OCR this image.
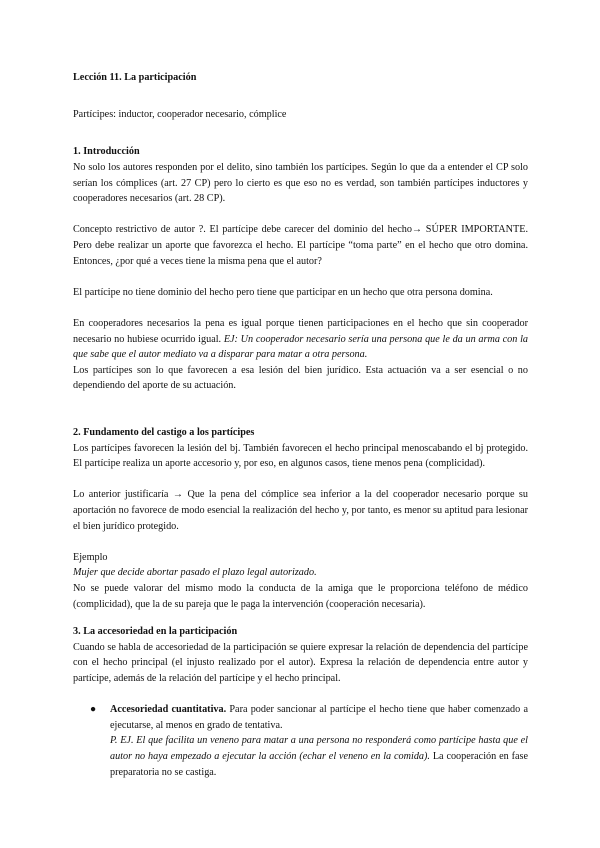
Lección 11. La participación

Partícipes: inductor, cooperador necesario, cómplice

1. Introducción

No solo los autores responden por el delito, sino también los partícipes. Según lo que da a entender el CP solo serían los cómplices (art. 27 CP) pero lo cierto es que eso no es verdad, son también partícipes inductores y cooperadores necesarios (art. 28 CP).

Concepto restrictivo de autor ?. El partícipe debe carecer del dominio del hecho→ SÚPER IMPORTANTE. Pero debe realizar un aporte que favorezca el hecho. El partícipe “toma parte” en el hecho que otro domina. Entonces, ¿por qué a veces tiene la misma pena que el autor?

El partícipe no tiene dominio del hecho pero tiene que participar en un hecho que otra persona domina.

En cooperadores necesarios la pena es igual porque tienen participaciones en el hecho que sin cooperador necesario no hubiese ocurrido igual. EJ: Un cooperador necesario sería una persona que le da un arma con la que sabe que el autor mediato va a disparar para matar a otra persona.

Los partícipes son lo que favorecen a esa lesión del bien jurídico. Esta actuación va a ser esencial o no dependiendo del aporte de su actuación.

2. Fundamento del castigo a los partícipes

Los partícipes favorecen la lesión del bj. También favorecen el hecho principal menoscabando el bj protegido. El partícipe realiza un aporte accesorio y, por eso, en algunos casos, tiene menos pena (complicidad).

Lo anterior justificaría → Que la pena del cómplice sea inferior a la del cooperador necesario porque su aportación no favorece de modo esencial la realización del hecho y, por tanto, es menor su aptitud para lesionar el bien jurídico protegido.

Ejemplo

Mujer que decide abortar pasado el plazo legal autorizado.

No se puede valorar del mismo modo la conducta de la amiga que le proporciona teléfono de médico (complicidad), que la de su pareja que le paga la intervención (cooperación necesaria).

3. La accesoriedad en la participación

Cuando se habla de accesoriedad de la participación se quiere expresar la relación de dependencia del partícipe con el hecho principal (el injusto realizado por el autor). Expresa la relación de dependencia entre autor y partícipe, además de la relación del partícipe y el hecho principal.

● Accesoriedad cuantitativa. Para poder sancionar al partícipe el hecho tiene que haber comenzado a ejecutarse, al menos en grado de tentativa.
P. EJ. El que facilita un veneno para matar a una persona no responderá como partícipe hasta que el autor no haya empezado a ejecutar la acción (echar el veneno en la comida). La cooperación en fase preparatoria no se castiga.
